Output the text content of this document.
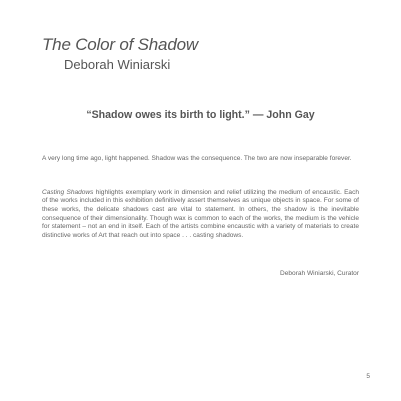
The Color of Shadow
Deborah Winiarski
“Shadow owes its birth to light.” — John Gay

A very long time ago, light happened. Shadow was the consequence. The two are now inseparable forever.

Casting Shadows highlights exemplary work in dimension and relief utilizing the medium of encaustic. Each of the works included in this exhibition definitively assert themselves as unique objects in space. For some of these works, the delicate shadows cast are vital to statement. In others, the shadow is the inevitable consequence of their dimensionality. Though wax is common to each of the works, the medium is the vehicle for statement – not an end in itself. Each of the artists combine encaustic with a variety of materials to create distinctive works of Art that reach out into space . . . casting shadows.

Deborah Winiarski, Curator
5
